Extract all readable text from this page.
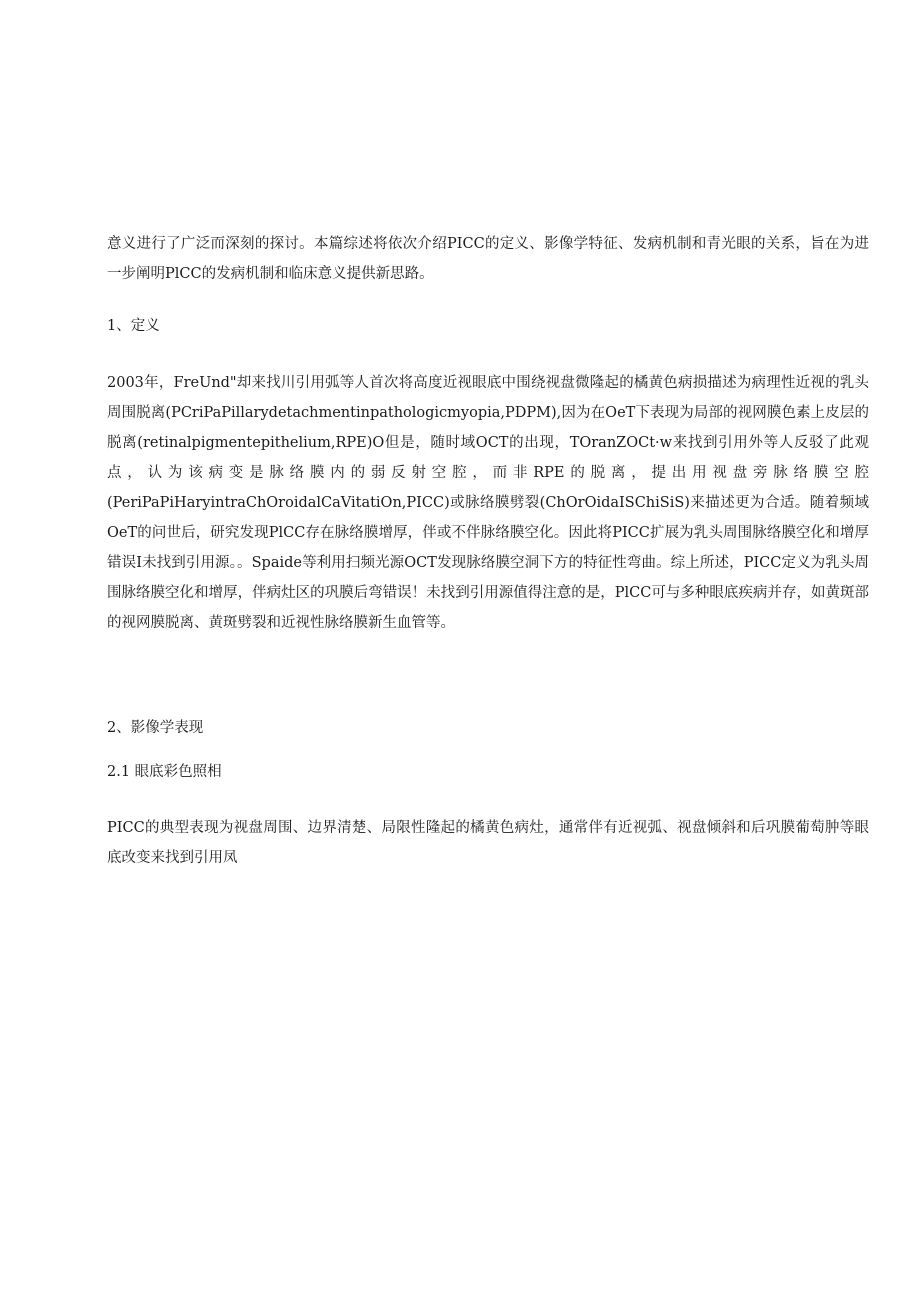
意义进行了广泛而深刻的探讨。本篇综述将依次介绍PICC的定义、影像学特征、发病机制和青光眼的关系，旨在为进一步阐明PlCC的发病机制和临床意义提供新思路。

1、定义

2003年，FreUnd"却来找川引用弧等人首次将高度近视眼底中围绕视盘微隆起的橘黄色病损描述为病理性近视的乳头周围脱离(PCriPaPillarydetachmentinpathologicmyopia,PDPM),因为在OeT下表现为局部的视网膜色素上皮层的脱离(retinalpigmentepithelium,RPE)O但是，随时域OCT的出现，TOranZOCt·w来找到引用外等人反驳了此观点，认为该病变是脉络膜内的弱反射空腔，而非RPE的脱离，提出用视盘旁脉络膜空腔(PeriPaPiHaryintraChOroidalCaVitatiOn,PICC)或脉络膜劈裂(ChOrOidaISChiSiS)来描述更为合适。随着频域OeT的问世后，研究发现PlCC存在脉络膜增厚，伴或不伴脉络膜空化。因此将PICC扩展为乳头周围脉络膜空化和增厚错误I未找到引用源。。Spaide等利用扫频光源OCT发现脉络膜空洞下方的特征性弯曲。综上所述，PICC定义为乳头周围脉络膜空化和增厚，伴病灶区的巩膜后弯错误！未找到引用源值得注意的是，PlCC可与多种眼底疾病并存，如黄斑部的视网膜脱离、黄斑劈裂和近视性脉络膜新生血管等。

2、影像学表现

2.1 眼底彩色照相

PICC的典型表现为视盘周围、边界清楚、局限性隆起的橘黄色病灶，通常伴有近视弧、视盘倾斜和后巩膜葡萄肿等眼底改变来找到引用凤
